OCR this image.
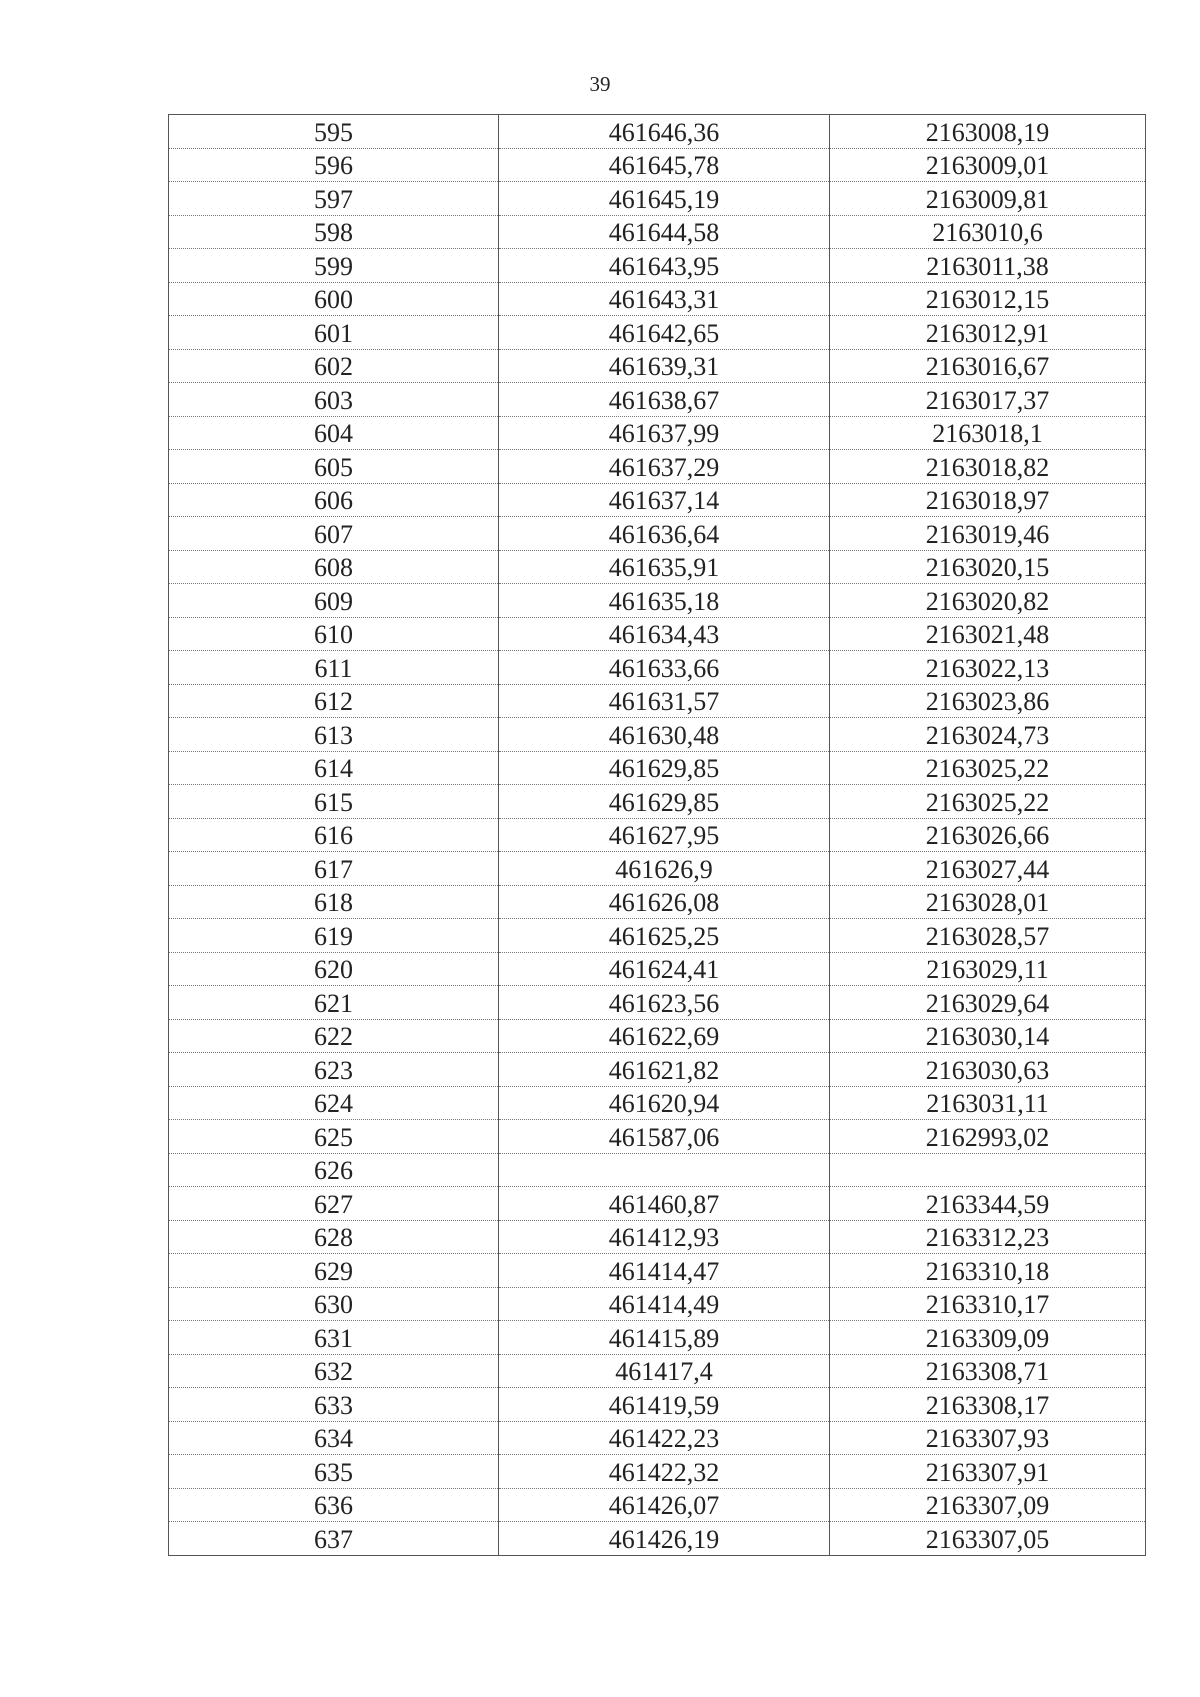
39
595	461646,36	2163008,19
596	461645,78	2163009,01
597	461645,19	2163009,81
598	461644,58	2163010,6
599	461643,95	2163011,38
600	461643,31	2163012,15
601	461642,65	2163012,91
602	461639,31	2163016,67
603	461638,67	2163017,37
604	461637,99	2163018,1
605	461637,29	2163018,82
606	461637,14	2163018,97
607	461636,64	2163019,46
608	461635,91	2163020,15
609	461635,18	2163020,82
610	461634,43	2163021,48
611	461633,66	2163022,13
612	461631,57	2163023,86
613	461630,48	2163024,73
614	461629,85	2163025,22
615	461629,85	2163025,22
616	461627,95	2163026,66
617	461626,9	2163027,44
618	461626,08	2163028,01
619	461625,25	2163028,57
620	461624,41	2163029,11
621	461623,56	2163029,64
622	461622,69	2163030,14
623	461621,82	2163030,63
624	461620,94	2163031,11
625	461587,06	2162993,02
626		
627	461460,87	2163344,59
628	461412,93	2163312,23
629	461414,47	2163310,18
630	461414,49	2163310,17
631	461415,89	2163309,09
632	461417,4	2163308,71
633	461419,59	2163308,17
634	461422,23	2163307,93
635	461422,32	2163307,91
636	461426,07	2163307,09
637	461426,19	2163307,05
